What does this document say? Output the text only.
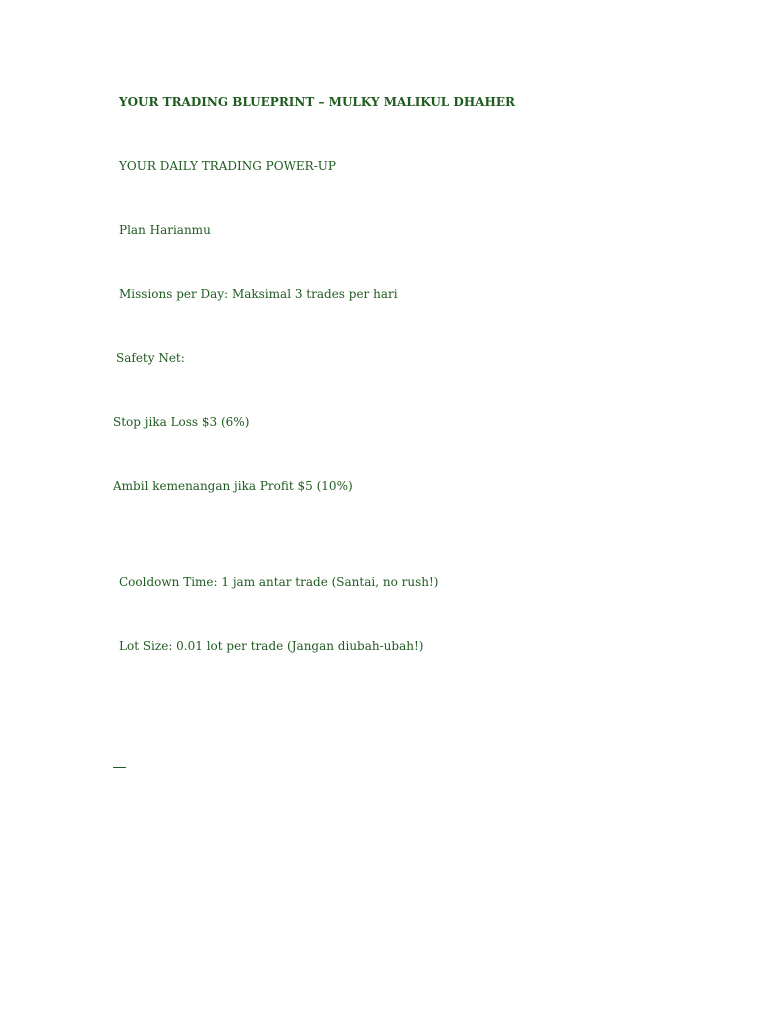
YOUR TRADING BLUEPRINT – MULKY MALIKUL DHAHER
YOUR DAILY TRADING POWER-UP
Plan Harianmu
Missions per Day: Maksimal 3 trades per hari
Safety Net:
Stop jika Loss $3 (6%)
Ambil kemenangan jika Profit $5 (10%)
Cooldown Time: 1 jam antar trade (Santai, no rush!)
Lot Size: 0.01 lot per trade (Jangan diubah-ubah!)
